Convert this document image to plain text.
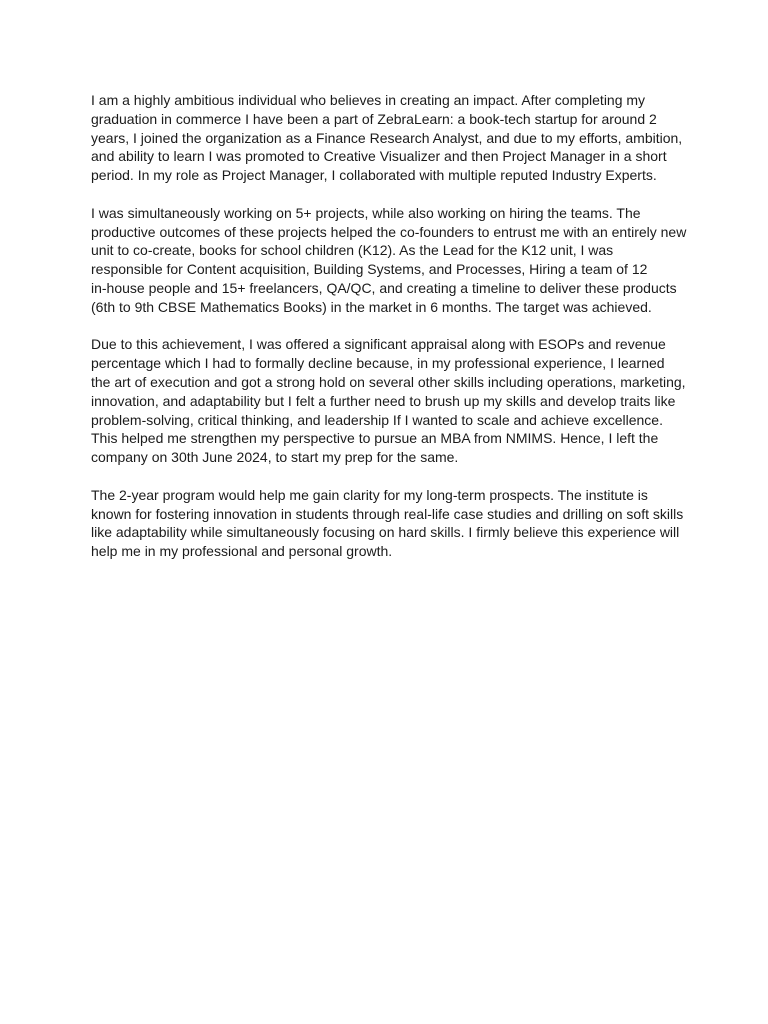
I am a highly ambitious individual who believes in creating an impact. After completing my
graduation in commerce I have been a part of ZebraLearn: a book-tech startup for around 2
years, I joined the organization as a Finance Research Analyst, and due to my efforts, ambition,
and ability to learn I was promoted to Creative Visualizer and then Project Manager in a short
period. In my role as Project Manager, I collaborated with multiple reputed Industry Experts.
I was simultaneously working on 5+ projects, while also working on hiring the teams. The
productive outcomes of these projects helped the co-founders to entrust me with an entirely new
unit to co-create, books for school children (K12). As the Lead for the K12 unit, I was
responsible for Content acquisition, Building Systems, and Processes, Hiring a team of 12
in-house people and 15+ freelancers, QA/QC, and creating a timeline to deliver these products
(6th to 9th CBSE Mathematics Books) in the market in 6 months. The target was achieved.
Due to this achievement, I was offered a significant appraisal along with ESOPs and revenue
percentage which I had to formally decline because, in my professional experience, I learned
the art of execution and got a strong hold on several other skills including operations, marketing,
innovation, and adaptability but I felt a further need to brush up my skills and develop traits like
problem-solving, critical thinking, and leadership If I wanted to scale and achieve excellence.
This helped me strengthen my perspective to pursue an MBA from NMIMS. Hence, I left the
company on 30th June 2024, to start my prep for the same.
The 2-year program would help me gain clarity for my long-term prospects. The institute is
known for fostering innovation in students through real-life case studies and drilling on soft skills
like adaptability while simultaneously focusing on hard skills. I firmly believe this experience will
help me in my professional and personal growth.
